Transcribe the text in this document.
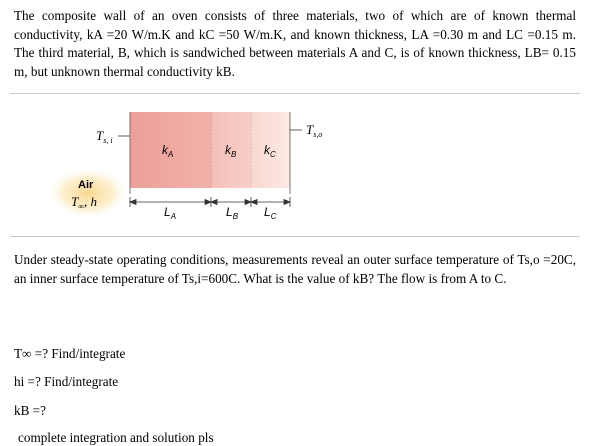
The composite wall of an oven consists of three materials, two of which are of known thermal conductivity, kA =20 W/m.K and kC =50 W/m.K, and known thickness, LA =0.30 m and LC =0.15 m. The third material, B, which is sandwiched between materials A and C, is of known thickness, LB= 0.15 m, but unknown thermal conductivity kB.
$T_{s, i}$
$T_{s,o}$
$k_A$	$k_B$ $k_C$
Air
$T_\infty$, h
$L_A$	$L_B$ $L_C$
Under steady-state operating conditions, measurements reveal an outer surface temperature of Ts,o =20C, an inner surface temperature of Ts,i=600C. What is the value of kB? The flow is from A to C.
T∞ =? Find/integrate
hi =? Find/integrate
kB =?
complete integration and solution pls
